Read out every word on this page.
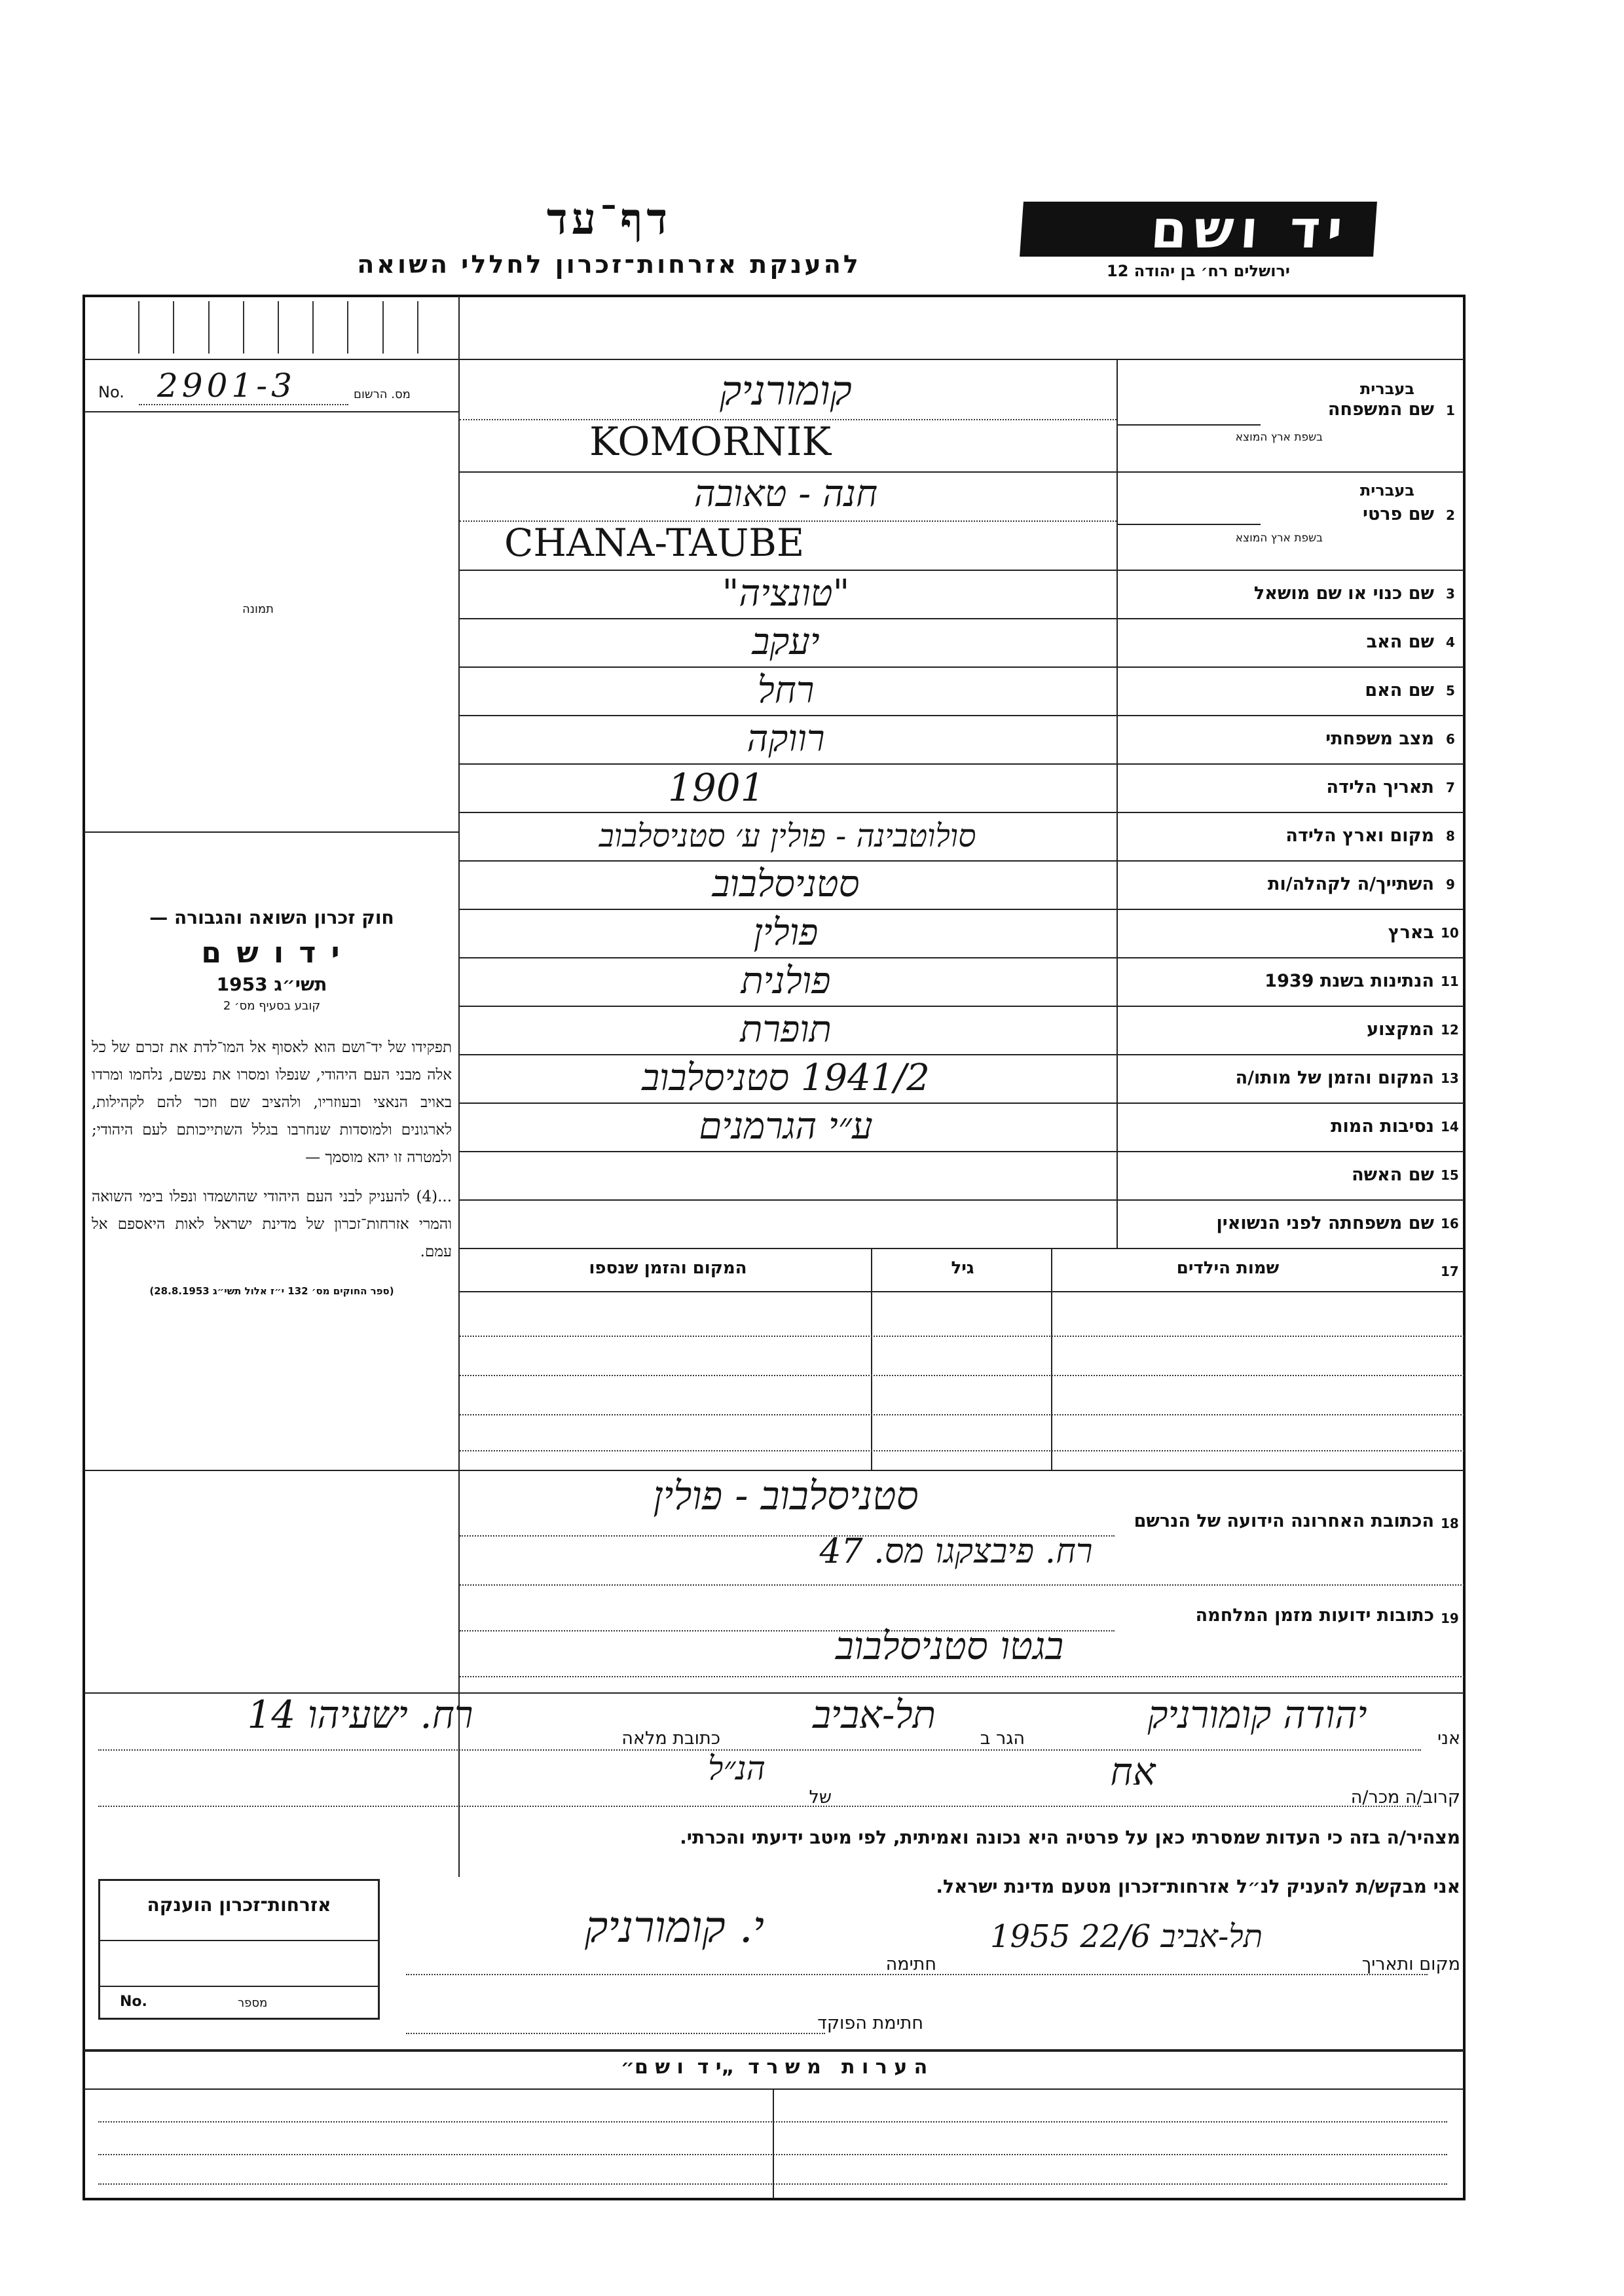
יד ושם
ירושלים רח׳ בן יהודה 12
דף־עד
להענקת אזרחות־זכרון לחללי השואה
No. 2901-3	מס. הרשום
תמונה
חוק זכרון השואה והגבורה —
י ד ו ש ם
תשי״ג 1953
קובע בסעיף מס׳ 2
תפקידו של יד־ושם הוא לאסוף אל המו־לדת את זכרם של כל אלה מבני העם היהודי, שנפלו ומסרו את נפשם, נלחמו ומרדו באויב הנאצי ובעוזריו, ולהציב שם וזכר להם לקהילות, לארגונים ולמוסדות שנחרבו בגלל השתייכותם לעם היהודי; ולמטרה זו יהא מוסמך —
...(4) להעניק לבני העם היהודי שהושמדו ונפלו בימי השואה והמרי אזרחות־זכרון של מדינת ישראל לאות היאספם אל עמם.
(ספר החוקים מס׳ 132 י״ז אלול תשי״ג 28.8.1953)
שם המשפחה 1
בעברית
בשפת ארץ המוצא
קומורניק
KOMORNIK
שם פרטי 2
בעברית
בשפת ארץ המוצא
חנה - טאובה
CHANA-TAUBE
שם כנוי או שם מושאל 3
"טונציה"
שם האב 4
יעקב
שם האם 5
רחל
מצב משפחתי 6
רווקה
תאריך הלידה 7
1901
מקום וארץ הלידה 8
סולוטבינה - פולין ע׳ סטניסלבוב
השתייך/ה לקהלה/ות 9
סטניסלבוב
בארץ 10
פולין
הנתינות בשנת 1939 11
פולנית
המקצוע 12
תופרת
המקום והזמן של מותו/ה 13
1941/2 סטניסלבוב
נסיבות המות 14
ע״י הגרמנים
שם האשה 15
שם משפחתה לפני הנשואין 16
17
שמות הילדים
גיל
המקום והזמן שנספו
18
הכתובת האחרונה הידועה של הנרשם
סטניסלבוב - פולין
רח. פיבצקגו מס. 47
19
כתובות ידועות מזמן המלחמה
בגטו סטניסלבוב
אני
יהודה קומורניק
הגר ב
תל-אביב
כתובת מלאה
רח. ישעיהו 14
קרוב/ה מכר/ה
אח
של
הנ״ל
מצהיר/ה בזה כי העדות שמסרתי כאן על פרטיה היא נכונה ואמיתית, לפי מיטב ידיעתי והכרתי.
אני מבקש/ת להעניק לנ״ל אזרחות־זכרון מטעם מדינת ישראל.
מקום ותאריך
תל-אביב 22/6 1955
חתימה
י. קומורניק
חתימת הפוקד
אזרחות־זכרון הוענקה
No.	מספר
ה ע ר ו ת   מ ש ר ד  „י ד  ו ש ם״
